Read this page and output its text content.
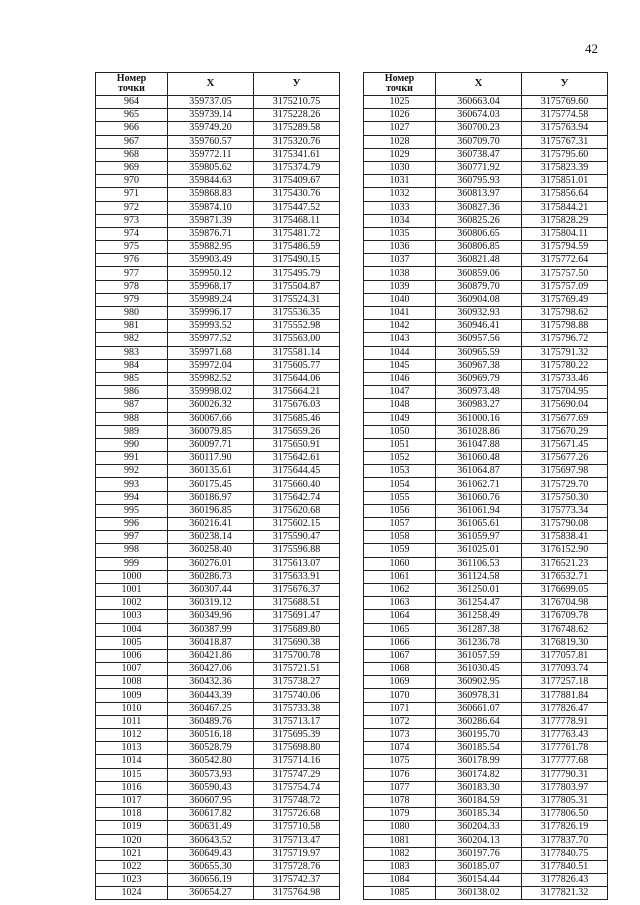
42
Номер
точки	X	У
964	359737.05	3175210.75
965	359739.14	3175228.26
966	359749.20	3175289.58
967	359760.57	3175320.76
968	359772.11	3175341.61
969	359805.62	3175374.79
970	359844.63	3175409.67
971	359868.83	3175430.76
972	359874.10	3175447.52
973	359871.39	3175468.11
974	359876.71	3175481.72
975	359882.95	3175486.59
976	359903.49	3175490.15
977	359950.12	3175495.79
978	359968.17	3175504.87
979	359989.24	3175524.31
980	359996.17	3175536.35
981	359993.52	3175552.98
982	359977.52	3175563.00
983	359971.68	3175581.14
984	359972.04	3175605.77
985	359982.52	3175644.06
986	359998.02	3175664.21
987	360026.32	3175676.03
988	360067.66	3175685.46
989	360079.85	3175659.26
990	360097.71	3175650.91
991	360117.90	3175642.61
992	360135.61	3175644.45
993	360175.45	3175660.40
994	360186.97	3175642.74
995	360196.85	3175620.68
996	360216.41	3175602.15
997	360238.14	3175590.47
998	360258.40	3175596.88
999	360276.01	3175613.07
1000	360286.73	3175633.91
1001	360307.44	3175676.37
1002	360319.12	3175688.51
1003	360349.96	3175691.47
1004	360387.99	3175689.80
1005	360418.87	3175690.38
1006	360421.86	3175700.78
1007	360427.06	3175721.51
1008	360432.36	3175738.27
1009	360443.39	3175740.06
1010	360467.25	3175733.38
1011	360489.76	3175713.17
1012	360516.18	3175695.39
1013	360528.79	3175698.80
1014	360542.80	3175714.16
1015	360573.93	3175747.29
1016	360590.43	3175754.74
1017	360607.95	3175748.72
1018	360617.82	3175726.68
1019	360631.49	3175710.58
1020	360643.52	3175713.47
1021	360649.43	3175719.97
1022	360655.30	3175728.76
1023	360656.19	3175742.37
1024	360654.27	3175764.98
Номер
точки	X	У
1025	360663.04	3175769.60
1026	360674.03	3175774.58
1027	360700.23	3175763.94
1028	360709.70	3175767.31
1029	360738.47	3175795.60
1030	360771.92	3175823.39
1031	360795.93	3175851.01
1032	360813.97	3175856.64
1033	360827.36	3175844.21
1034	360825.26	3175828.29
1035	360806.65	3175804.11
1036	360806.85	3175794.59
1037	360821.48	3175772.64
1038	360859.06	3175757.50
1039	360879.70	3175757.09
1040	360904.08	3175769.49
1041	360932.93	3175798.62
1042	360946.41	3175798.88
1043	360957.56	3175796.72
1044	360965.59	3175791.32
1045	360967.38	3175780.22
1046	360969.79	3175733.46
1047	360973.48	3175704.95
1048	360983.27	3175690.04
1049	361000.16	3175677.69
1050	361028.86	3175670.29
1051	361047.88	3175671.45
1052	361060.48	3175677.26
1053	361064.87	3175697.98
1054	361062.71	3175729.70
1055	361060.76	3175750.30
1056	361061.94	3175773.34
1057	361065.61	3175790.08
1058	361059.97	3175838.41
1059	361025.01	3176152.90
1060	361106.53	3176521.23
1061	361124.58	3176532.71
1062	361250.01	3176699.05
1063	361254.47	3176704.98
1064	361258.49	3176709.78
1065	361287.38	3176748.62
1066	361236.78	3176819.30
1067	361057.59	3177057.81
1068	361030.45	3177093.74
1069	360902.95	3177257.18
1070	360978.31	3177881.84
1071	360661.07	3177826.47
1072	360286.64	3177778.91
1073	360195.70	3177763.43
1074	360185.54	3177761.78
1075	360178.99	3177777.68
1076	360174.82	3177790.31
1077	360183.30	3177803.97
1078	360184.59	3177805.31
1079	360185.34	3177806.50
1080	360204.33	3177826.19
1081	360204.13	3177837.70
1082	360197.76	3177840.75
1083	360185.07	3177840.51
1084	360154.44	3177826.43
1085	360138.02	3177821.32
